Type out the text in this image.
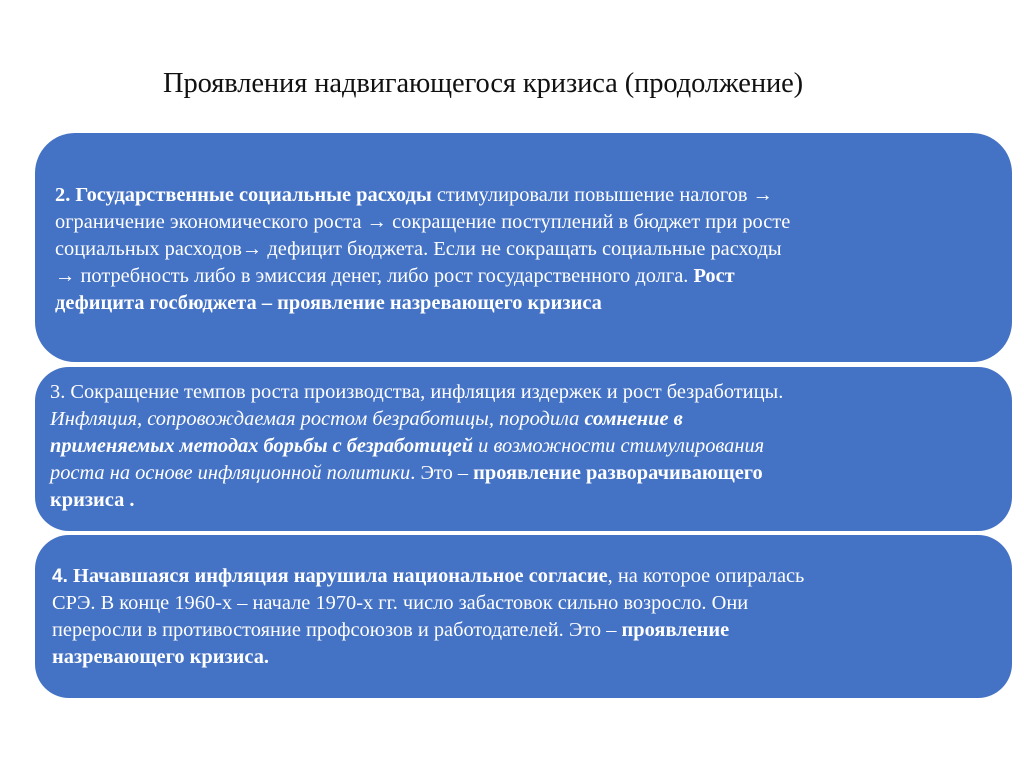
Проявления надвигающегося кризиса (продолжение)
2. Государственные социальные расходы стимулировали повышение налогов →
ограничение экономического роста → сокращение поступлений в бюджет при росте
социальных расходов→ дефицит бюджета. Если не сокращать социальные расходы
→ потребность либо в эмиссия денег, либо рост государственного долга. Рост
дефицита госбюджета – проявление назревающего кризиса
3. Сокращение темпов роста производства, инфляция издержек и рост безработицы.
Инфляция, сопровождаемая ростом безработицы, породила сомнение в
применяемых методах борьбы с безработицей и возможности стимулирования
роста на основе инфляционной политики. Это – проявление разворачивающего
кризиса .
4. Начавшаяся инфляция нарушила национальное согласие, на которое опиралась
СРЭ. В конце 1960-х – начале 1970-х гг. число забастовок сильно возросло. Они
переросли в противостояние профсоюзов и работодателей. Это – проявление
назревающего кризиса.
